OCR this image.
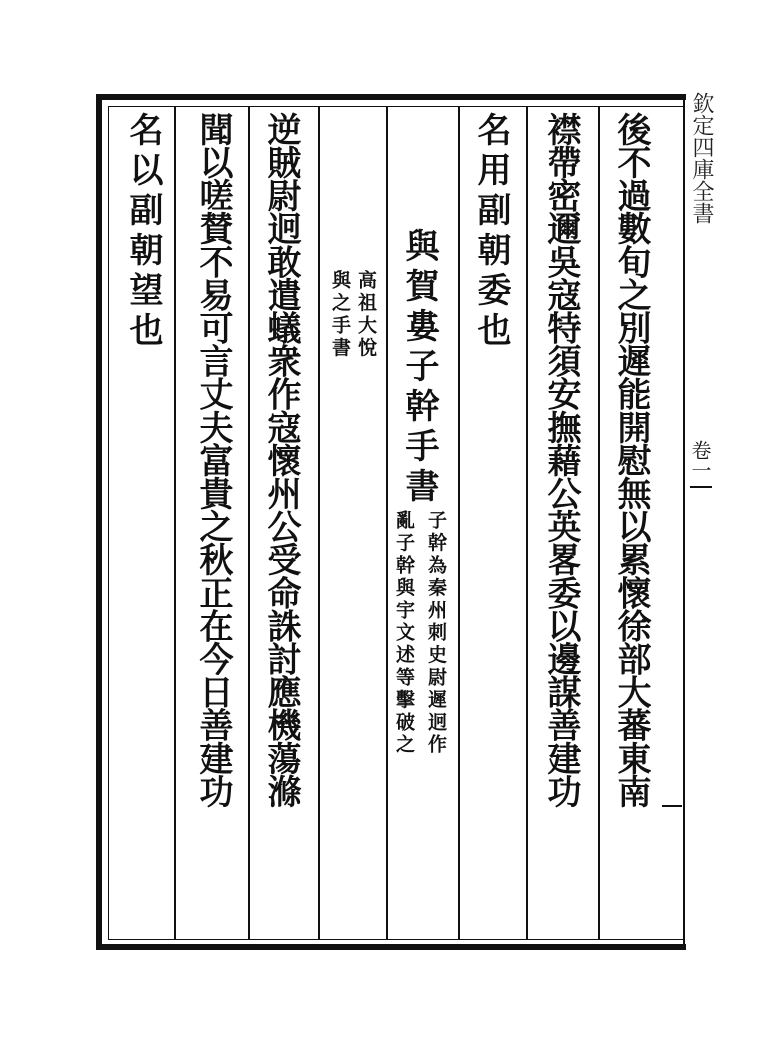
欽定四庫全書
卷一
後不過數旬之別遲能開慰無以累懷徐部大蕃東南
襟帶密邇吳寇特須安撫藉公英畧委以邊謀善建功
名用副朝委也
與賀婁子幹手書
子幹為秦州刺史尉遲迥作
亂子幹與宇文述等擊破之
高祖大悅
與之手書
逆賊尉迥敢遣蟻衆作寇懷州公受命誅討應機蕩滌
聞以嗟賛不易可言丈夫富貴之秋正在今日善建功
名以副朝望也
